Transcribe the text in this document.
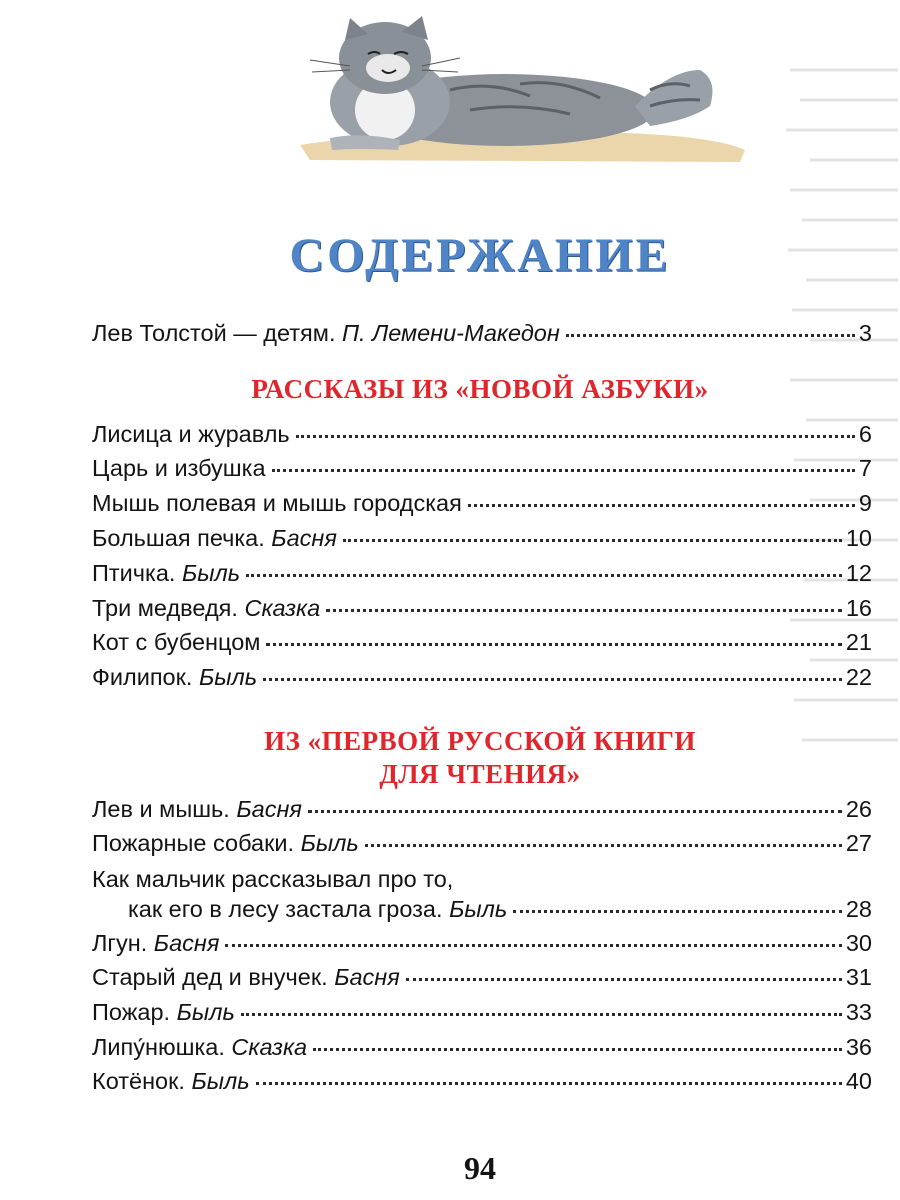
СОДЕРЖАНИЕ
Лев Толстой — детям. П. Лемени-Македон	3
РАССКАЗЫ ИЗ «НОВОЙ АЗБУКИ»
Лисица и журавль	6
Царь и избушка	7
Мышь полевая и мышь городская	9
Большая печка. Басня	10
Птичка. Быль	12
Три медведя. Сказка	16
Кот с бубенцом	21
Филипок. Быль	22
ИЗ «ПЕРВОЙ РУССКОЙ КНИГИ
ДЛЯ ЧТЕНИЯ»
Лев и мышь. Басня	26
Пожарные собаки. Быль	27
Как мальчик рассказывал про то,
как его в лесу застала гроза. Быль	28
Лгун. Басня	30
Старый дед и внучек. Басня	31
Пожар. Быль	33
Липу́нюшка. Сказка	36
Котёнок. Быль	40
94
